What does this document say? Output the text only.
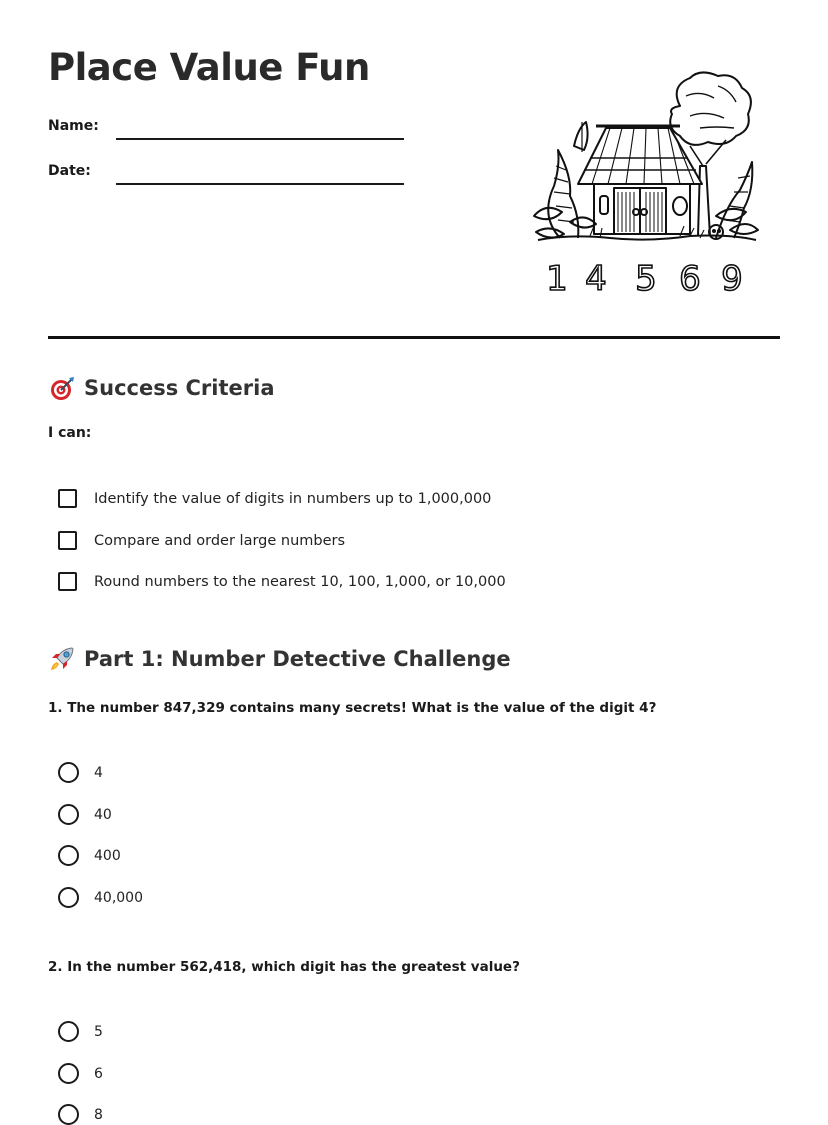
Place Value Fun
Name:
Date:
1 4 5 6 9
Success Criteria
I can:
Identify the value of digits in numbers up to 1,000,000
Compare and order large numbers
Round numbers to the nearest 10, 100, 1,000, or 10,000
Part 1: Number Detective Challenge

1. The number 847,329 contains many secrets! What is the value of the digit 4?

4
40
400
40,000

2. In the number 562,418, which digit has the greatest value?

5
6
8
